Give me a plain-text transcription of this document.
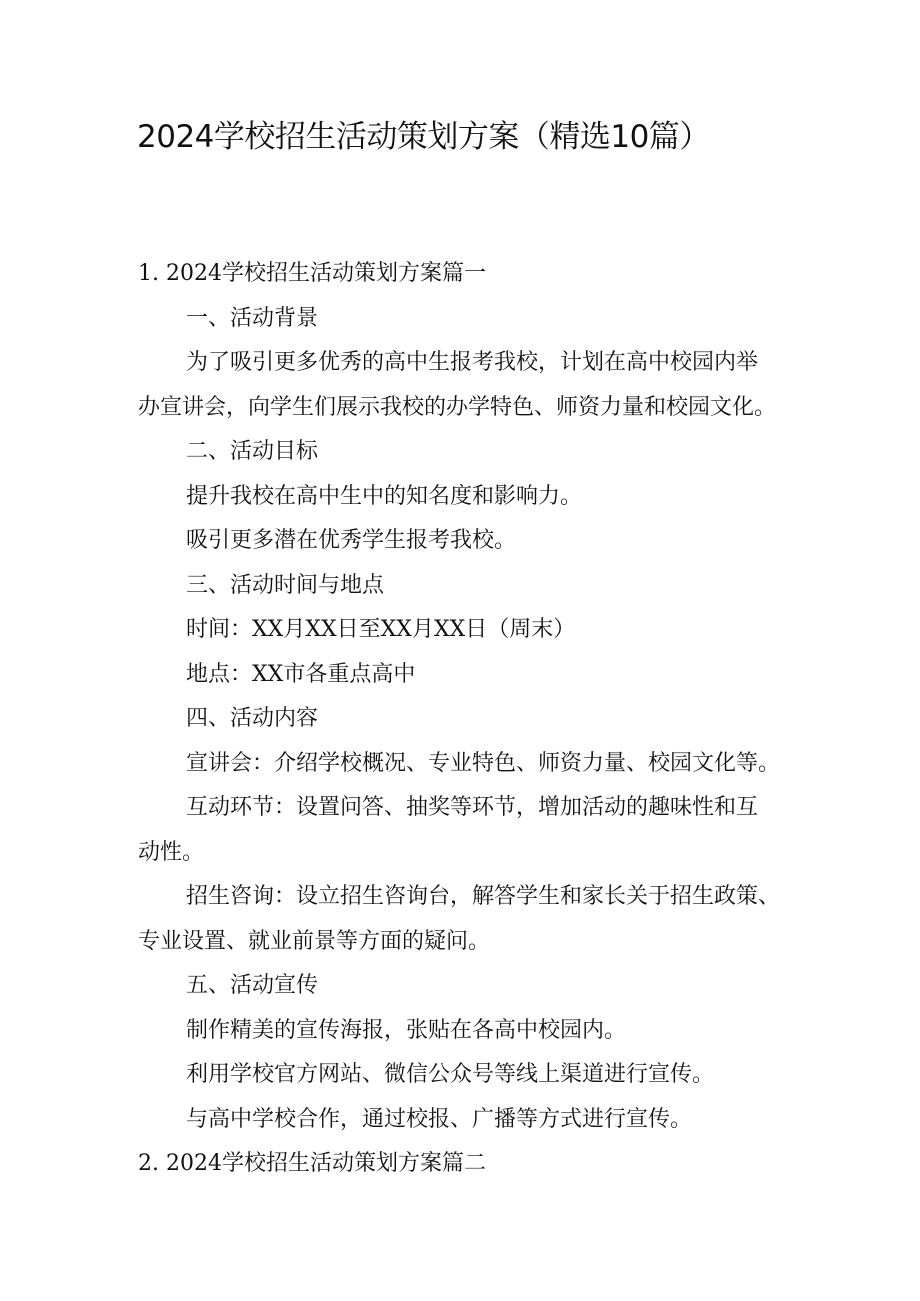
2024学校招生活动策划方案（精选10篇）

1. 2024学校招生活动策划方案篇一

一、活动背景

为了吸引更多优秀的高中生报考我校，计划在高中校园内举

办宣讲会，向学生们展示我校的办学特色、师资力量和校园文化。

二、活动目标

提升我校在高中生中的知名度和影响力。

吸引更多潜在优秀学生报考我校。

三、活动时间与地点

时间：XX月XX日至XX月XX日（周末）

地点：XX市各重点高中

四、活动内容

宣讲会：介绍学校概况、专业特色、师资力量、校园文化等。

互动环节：设置问答、抽奖等环节，增加活动的趣味性和互

动性。

招生咨询：设立招生咨询台，解答学生和家长关于招生政策、

专业设置、就业前景等方面的疑问。

五、活动宣传

制作精美的宣传海报，张贴在各高中校园内。

利用学校官方网站、微信公众号等线上渠道进行宣传。

与高中学校合作，通过校报、广播等方式进行宣传。

2. 2024学校招生活动策划方案篇二
